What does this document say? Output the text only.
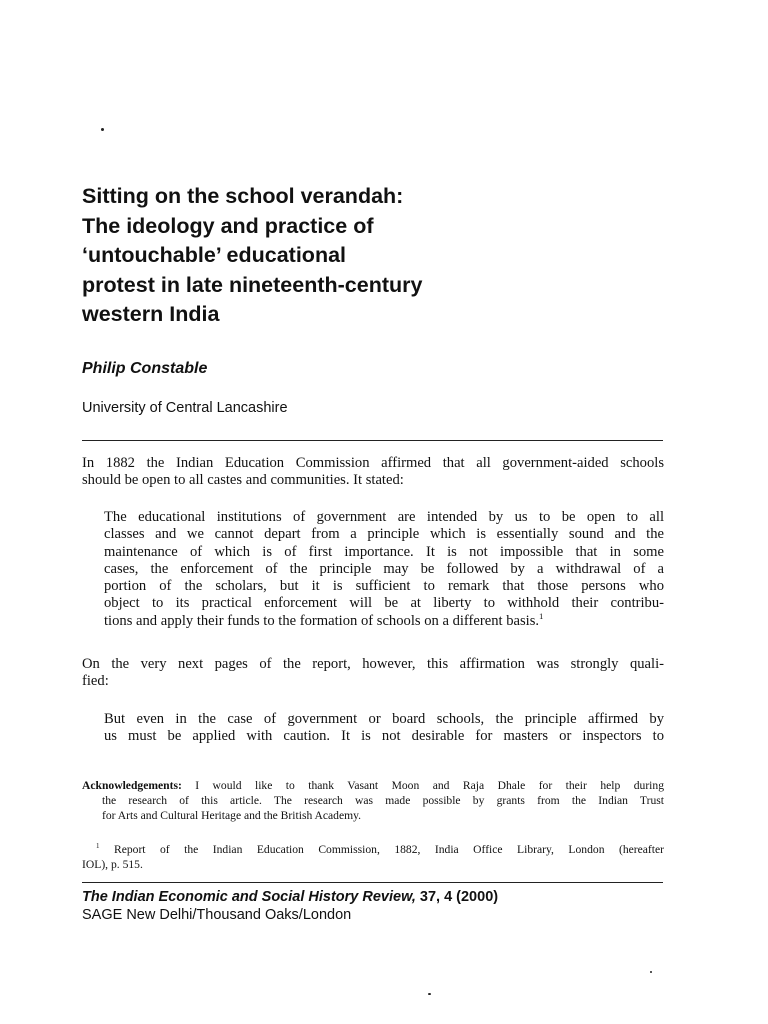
Sitting on the school verandah:
The ideology and practice of
‘untouchable’ educational
protest in late nineteenth-century
western India
Philip Constable
University of Central Lancashire

In 1882 the Indian Education Commission affirmed that all government-aided schools
should be open to all castes and communities. It stated:

The educational institutions of government are intended by us to be open to all
classes and we cannot depart from a principle which is essentially sound and the
maintenance of which is of first importance. It is not impossible that in some
cases, the enforcement of the principle may be followed by a withdrawal of a
portion of the scholars, but it is sufficient to remark that those persons who
object to its practical enforcement will be at liberty to withhold their contribu-
tions and apply their funds to the formation of schools on a different basis.$^1$

On the very next pages of the report, however, this affirmation was strongly quali-
fied:

But even in the case of government or board schools, the principle affirmed by
us must be applied with caution. It is not desirable for masters or inspectors to

Acknowledgements: I would like to thank Vasant Moon and Raja Dhale for their help during
the research of this article. The research was made possible by grants from the Indian Trust
for Arts and Cultural Heritage and the British Academy.

$^1$ Report of the Indian Education Commission, 1882, India Office Library, London (hereafter
IOL), p. 515.

The Indian Economic and Social History Review, 37, 4 (2000)
SAGE New Delhi/Thousand Oaks/London
